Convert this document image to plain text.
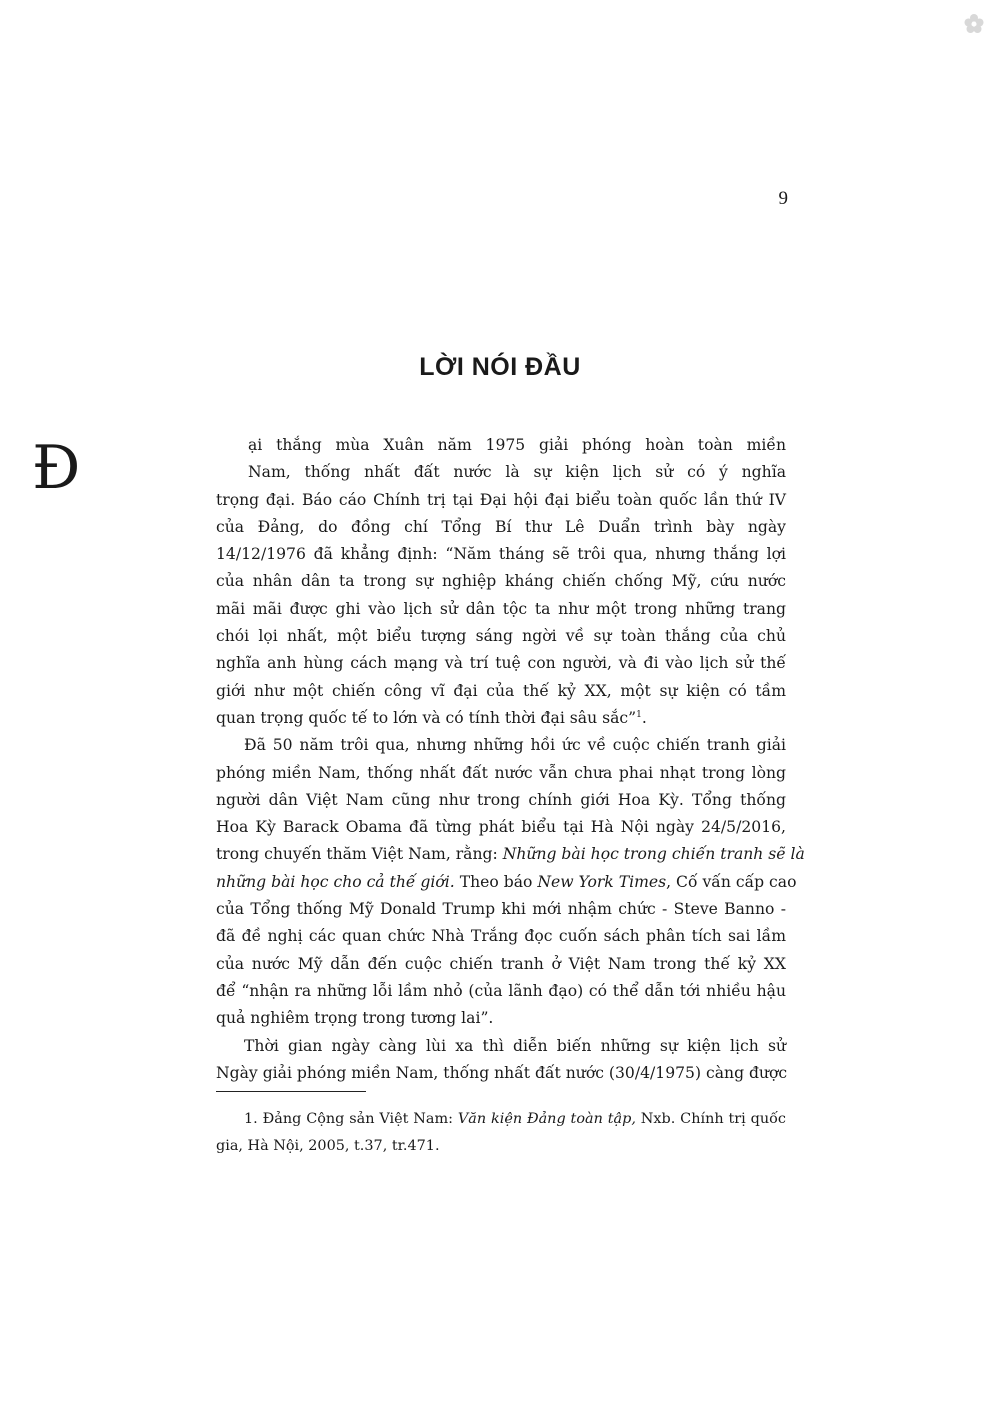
9
LỜI NÓI ĐẦU
Đ	ại thắng mùa Xuân năm 1975 giải phóng hoàn toàn miền
Nam, thống nhất đất nước là sự kiện lịch sử có ý nghĩa
trọng đại. Báo cáo Chính trị tại Đại hội đại biểu toàn quốc lần thứ IV
của Đảng, do đồng chí Tổng Bí thư Lê Duẩn trình bày ngày
14/12/1976 đã khẳng định: “Năm tháng sẽ trôi qua, nhưng thắng lợi
của nhân dân ta trong sự nghiệp kháng chiến chống Mỹ, cứu nước
mãi mãi được ghi vào lịch sử dân tộc ta như một trong những trang
chói lọi nhất, một biểu tượng sáng ngời về sự toàn thắng của chủ
nghĩa anh hùng cách mạng và trí tuệ con người, và đi vào lịch sử thế
giới như một chiến công vĩ đại của thế kỷ XX, một sự kiện có tầm
quan trọng quốc tế to lớn và có tính thời đại sâu sắc”$^1$.
Đã 50 năm trôi qua, nhưng những hồi ức về cuộc chiến tranh giải
phóng miền Nam, thống nhất đất nước vẫn chưa phai nhạt trong lòng
người dân Việt Nam cũng như trong chính giới Hoa Kỳ. Tổng thống
Hoa Kỳ Barack Obama đã từng phát biểu tại Hà Nội ngày 24/5/2016,
trong chuyến thăm Việt Nam, rằng: Những bài học trong chiến tranh sẽ là
những bài học cho cả thế giới. Theo báo New York Times, Cố vấn cấp cao
của Tổng thống Mỹ Donald Trump khi mới nhậm chức - Steve Banno -
đã đề nghị các quan chức Nhà Trắng đọc cuốn sách phân tích sai lầm
của nước Mỹ dẫn đến cuộc chiến tranh ở Việt Nam trong thế kỷ XX
để “nhận ra những lỗi lầm nhỏ (của lãnh đạo) có thể dẫn tới nhiều hậu
quả nghiêm trọng trong tương lai”.
Thời gian ngày càng lùi xa thì diễn biến những sự kiện lịch sử
Ngày giải phóng miền Nam, thống nhất đất nước (30/4/1975) càng được
1. Đảng Cộng sản Việt Nam: Văn kiện Đảng toàn tập, Nxb. Chính trị quốc
gia, Hà Nội, 2005, t.37, tr.471.
